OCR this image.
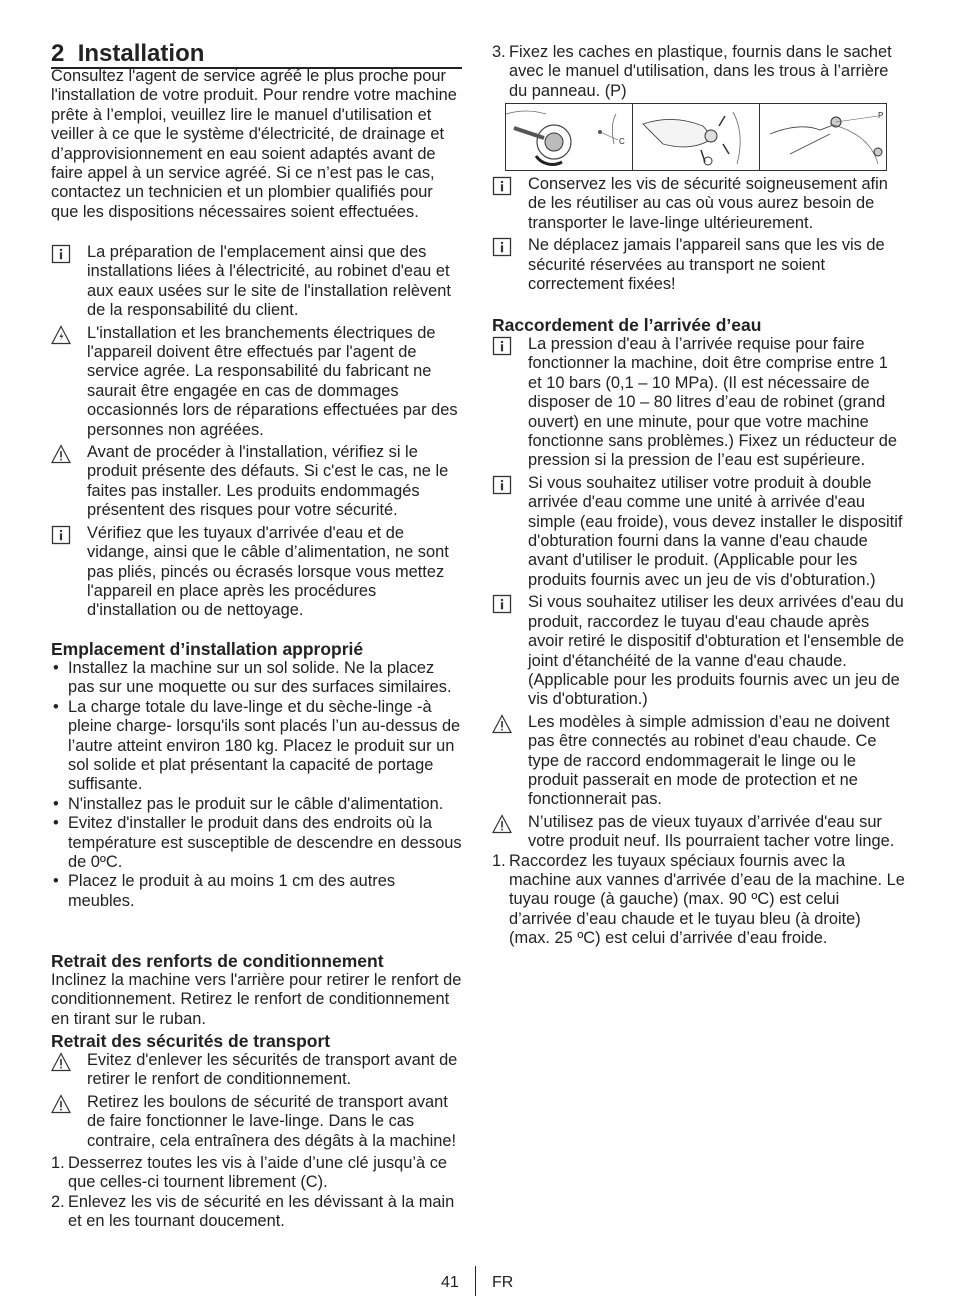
2 Installation

Consultez l'agent de service agréé le plus proche pour l'installation de votre produit. Pour rendre votre machine prête à l’emploi, veuillez lire le manuel d'utilisation et veiller à ce que le système d'électricité, de drainage et d’approvisionnement en eau soient adaptés avant de faire appel à un service agréé. Si ce n’est pas le cas, contactez un technicien et un plombier qualifiés pour que les dispositions nécessaires soient effectuées.

La préparation de l'emplacement ainsi que des installations liées à l'électricité, au robinet d'eau et aux eaux usées sur le site de l'installation relèvent de la responsabilité du client.

L'installation et les branchements électriques de l'appareil doivent être effectués par l'agent de service agrée. La responsabilité du fabricant ne saurait être engagée en cas de dommages occasionnés lors de réparations effectuées par des personnes non agréées.

Avant de procéder à l'installation, vérifiez si le produit présente des défauts. Si c'est le cas, ne le faites pas installer. Les produits endommagés présentent des risques pour votre sécurité.

Vérifiez que les tuyaux d'arrivée d'eau et de vidange, ainsi que le câble d’alimentation, ne sont pas pliés, pincés ou écrasés lorsque vous mettez l'appareil en place après les procédures d'installation ou de nettoyage.

Emplacement d’installation approprié
• Installez la machine sur un sol solide. Ne la placez pas sur une moquette ou sur des surfaces similaires.
• La charge totale du lave-linge et du sèche-linge -à pleine charge- lorsqu'ils sont placés l’un au-dessus de l’autre atteint environ 180 kg. Placez le produit sur un sol solide et plat présentant la capacité de portage suffisante.
• N'installez pas le produit sur le câble d'alimentation.
• Evitez d'installer le produit dans des endroits où la température est susceptible de descendre en dessous de 0ºC.
• Placez le produit à au moins 1 cm des autres meubles.
Retrait des renforts de conditionnement

Inclinez la machine vers l'arrière pour retirer le renfort de conditionnement. Retirez le renfort de conditionnement en tirant sur le ruban.

Retrait des sécurités de transport

Evitez d'enlever les sécurités de transport avant de retirer le renfort de conditionnement.

Retirez les boulons de sécurité de transport avant de faire fonctionner le lave-linge. Dans le cas contraire, cela entraînera des dégâts à la machine!

1. Desserrez toutes les vis à l’aide d’une clé jusqu’à ce que celles-ci tournent librement (C).
2. Enlevez les vis de sécurité en les dévissant à la main et en les tournant doucement.
3. Fixez les caches en plastique, fournis dans le sachet avec le manuel d'utilisation, dans les trous à l’arrière du panneau. (P)
C
P

Conservez les vis de sécurité soigneusement afin de les réutiliser au cas où vous aurez besoin de transporter le lave-linge ultérieurement.

Ne déplacez jamais l'appareil sans que les vis de sécurité réservées au transport ne soient correctement fixées!

Raccordement de l’arrivée d’eau

La pression d'eau à l’arrivée requise pour faire fonctionner la machine, doit être comprise entre 1 et 10 bars (0,1 – 10 MPa). (Il est nécessaire de disposer de 10 – 80 litres d’eau de robinet (grand ouvert) en une minute, pour que votre machine fonctionne sans problèmes.) Fixez un réducteur de pression si la pression de l’eau est supérieure.

Si vous souhaitez utiliser votre produit à double arrivée d'eau comme une unité à arrivée d'eau simple (eau froide), vous devez installer le dispositif d'obturation fourni dans la vanne d'eau chaude avant d'utiliser le produit. (Applicable pour les produits fournis avec un jeu de vis d'obturation.)

Si vous souhaitez utiliser les deux arrivées d'eau du produit, raccordez le tuyau d'eau chaude après avoir retiré le dispositif d'obturation et l'ensemble de joint d'étanchéité de la vanne d'eau chaude. (Applicable pour les produits fournis avec un jeu de vis d'obturation.)

Les modèles à simple admission d’eau ne doivent pas être connectés au robinet d'eau chaude. Ce type de raccord endommagerait le linge ou le produit passerait en mode de protection et ne fonctionnerait pas.

N’utilisez pas de vieux tuyaux d’arrivée d'eau sur votre produit neuf. Ils pourraient tacher votre linge.

1. Raccordez les tuyaux spéciaux fournis avec la machine aux vannes d'arrivée d’eau de la machine. Le tuyau rouge (à gauche) (max. 90 ºC) est celui d’arrivée d’eau chaude et le tuyau bleu (à droite) (max. 25 ºC) est celui d’arrivée d’eau froide.
41 FR
